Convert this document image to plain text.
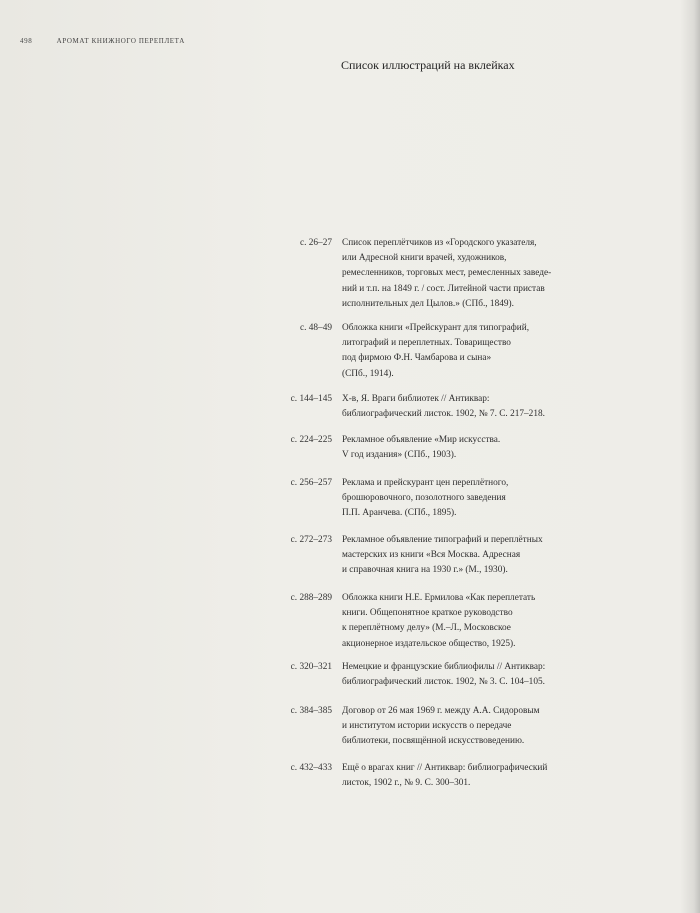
498	АРОМАТ КНИЖНОГО ПЕРЕПЛЕТА
Список иллюстраций на вклейках
с. 26–27 Список переплётчиков из «Городского указателя,
или Адресной книги врачей, художников,
ремесленников, торговых мест, ремесленных заведе-
ний и т.п. на 1849 г. / сост. Литейной части пристав
исполнительных дел Цылов.» (СПб., 1849).
с. 48–49 Обложка книги «Прейскурант для типографий,
литографий и переплетных. Товарищество
под фирмою Ф.Н. Чамбарова и сына»
(СПб., 1914).
с. 144–145 Х-в, Я. Враги библиотек // Антиквар:
библиографический листок. 1902, № 7. С. 217–218.
с. 224–225 Рекламное объявление «Мир искусства.
V год издания» (СПб., 1903).
с. 256–257 Реклама и прейскурант цен переплётного,
брошюровочного, позолотного заведения
П.П. Аранчева. (СПб., 1895).
с. 272–273 Рекламное объявление типографий и переплётных
мастерских из книги «Вся Москва. Адресная
и справочная книга на 1930 г.» (М., 1930).
с. 288–289 Обложка книги Н.Е. Ермилова «Как переплетать
книги. Общепонятное краткое руководство
к переплётному делу» (М.–Л., Московское
акционерное издательское общество, 1925).
с. 320–321 Немецкие и французские библиофилы // Антиквар:
библиографический листок. 1902, № 3. С. 104–105.
с. 384–385 Договор от 26 мая 1969 г. между А.А. Сидоровым
и институтом истории искусств о передаче
библиотеки, посвящённой искусствоведению.
с. 432–433 Ещё о врагах книг // Антиквар: библиографический
листок, 1902 г., № 9. С. 300–301.
